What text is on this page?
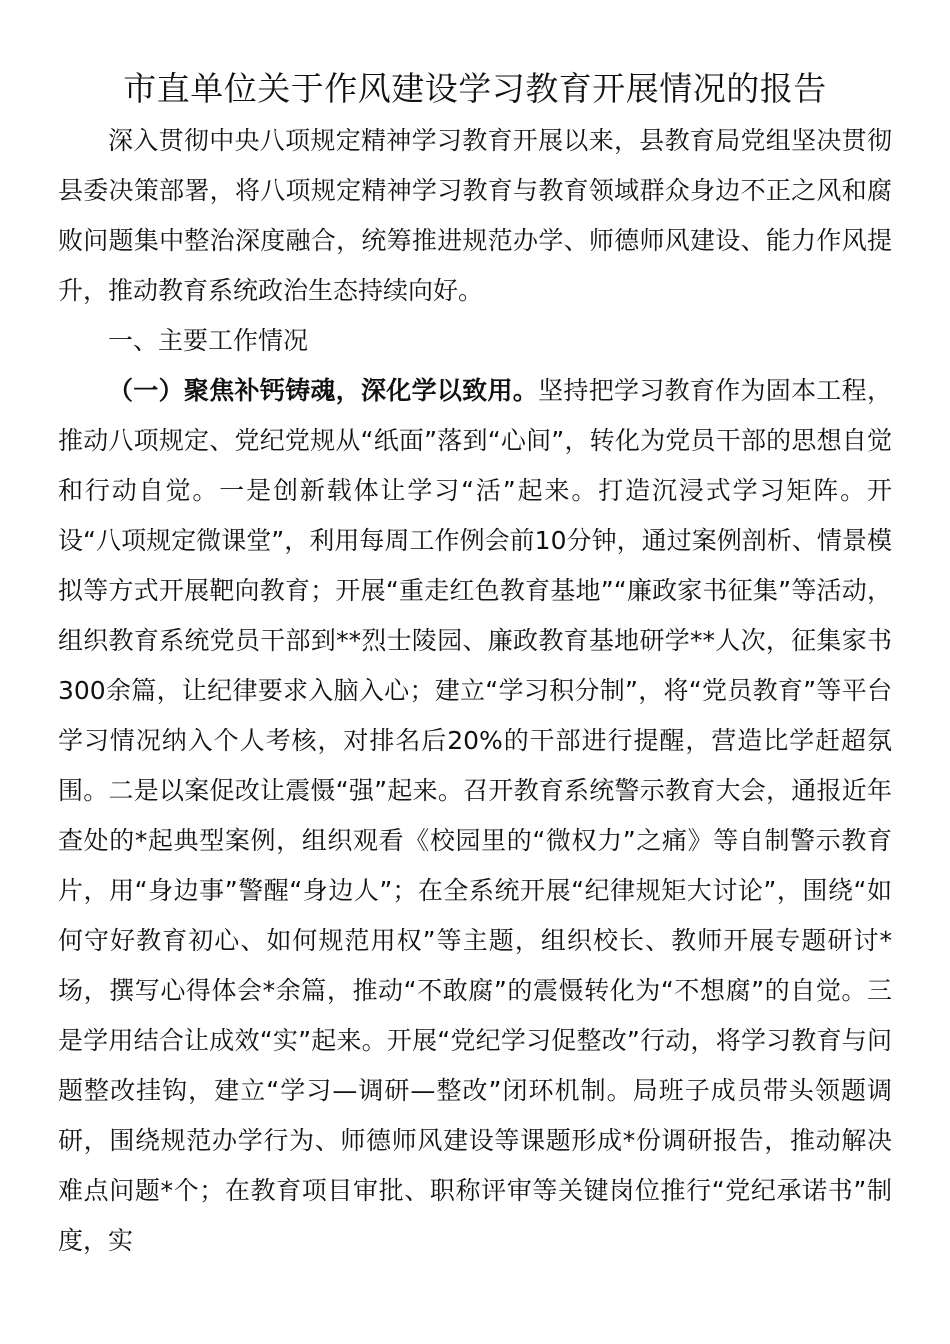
市直单位关于作风建设学习教育开展情况的报告

深入贯彻中央八项规定精神学习教育开展以来，县教育局党组坚决贯彻县委决策部署，将八项规定精神学习教育与教育领域群众身边不正之风和腐败问题集中整治深度融合，统筹推进规范办学、师德师风建设、能力作风提升，推动教育系统政治生态持续向好。

一、主要工作情况

（一）聚焦补钙铸魂，深化学以致用。坚持把学习教育作为固本工程，推动八项规定、党纪党规从“纸面”落到“心间”，转化为党员干部的思想自觉和行动自觉。一是创新载体让学习“活”起来。打造沉浸式学习矩阵。开设“八项规定微课堂”，利用每周工作例会前10分钟，通过案例剖析、情景模拟等方式开展靶向教育；开展“重走红色教育基地”“廉政家书征集”等活动，组织教育系统党员干部到**烈士陵园、廉政教育基地研学**人次，征集家书300余篇，让纪律要求入脑入心；建立“学习积分制”，将“党员教育”等平台学习情况纳入个人考核，对排名后20%的干部进行提醒，营造比学赶超氛围。二是以案促改让震慑“强”起来。召开教育系统警示教育大会，通报近年查处的*起典型案例，组织观看《校园里的“微权力”之痛》等自制警示教育片，用“身边事”警醒“身边人”；在全系统开展“纪律规矩大讨论”，围绕“如何守好教育初心、如何规范用权”等主题，组织校长、教师开展专题研讨*场，撰写心得体会*余篇，推动“不敢腐”的震慑转化为“不想腐”的自觉。三是学用结合让成效“实”起来。开展“党纪学习促整改”行动，将学习教育与问题整改挂钩，建立“学习—调研—整改”闭环机制。局班子成员带头领题调研，围绕规范办学行为、师德师风建设等课题形成*份调研报告，推动解决难点问题*个；在教育项目审批、职称评审等关键岗位推行“党纪承诺书”制度，实
